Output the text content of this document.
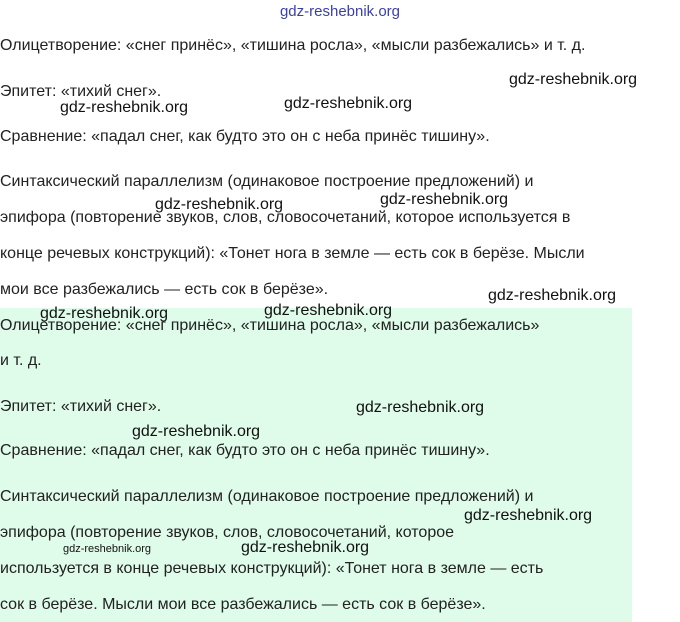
gdz-reshebnik.org
Олицетворение: «снег принёс», «тишина росла», «мысли разбежались» и т. д.
Эпитет: «тихий снег».
Сравнение: «падал снег, как будто это он с неба принёс тишину».
Синтаксический параллелизм (одинаковое построение предложений) и
эпифора (повторение звуков, слов, словосочетаний, которое используется в
конце речевых конструкций): «Тонет нога в земле — есть сок в берёзе. Мысли
мои все разбежались — есть сок в берёзе».
Олицетворение: «снег принёс», «тишина росла», «мысли разбежались»
и т. д.
Эпитет: «тихий снег».
Сравнение: «падал снег, как будто это он с неба принёс тишину».
Синтаксический параллелизм (одинаковое построение предложений) и
эпифора (повторение звуков, слов, словосочетаний, которое
используется в конце речевых конструкций): «Тонет нога в земле — есть
сок в берёзе. Мысли мои все разбежались — есть сок в берёзе».
gdz-reshebnik.org
gdz-reshebnik.org	gdz-reshebnik.org
gdz-reshebnik.org	gdz-reshebnik.org
gdz-reshebnik.org
gdz-reshebnik.org	gdz-reshebnik.org
gdz-reshebnik.org
gdz-reshebnik.org
gdz-reshebnik.org
gdz-reshebnik.org	gdz-reshebnik.org
